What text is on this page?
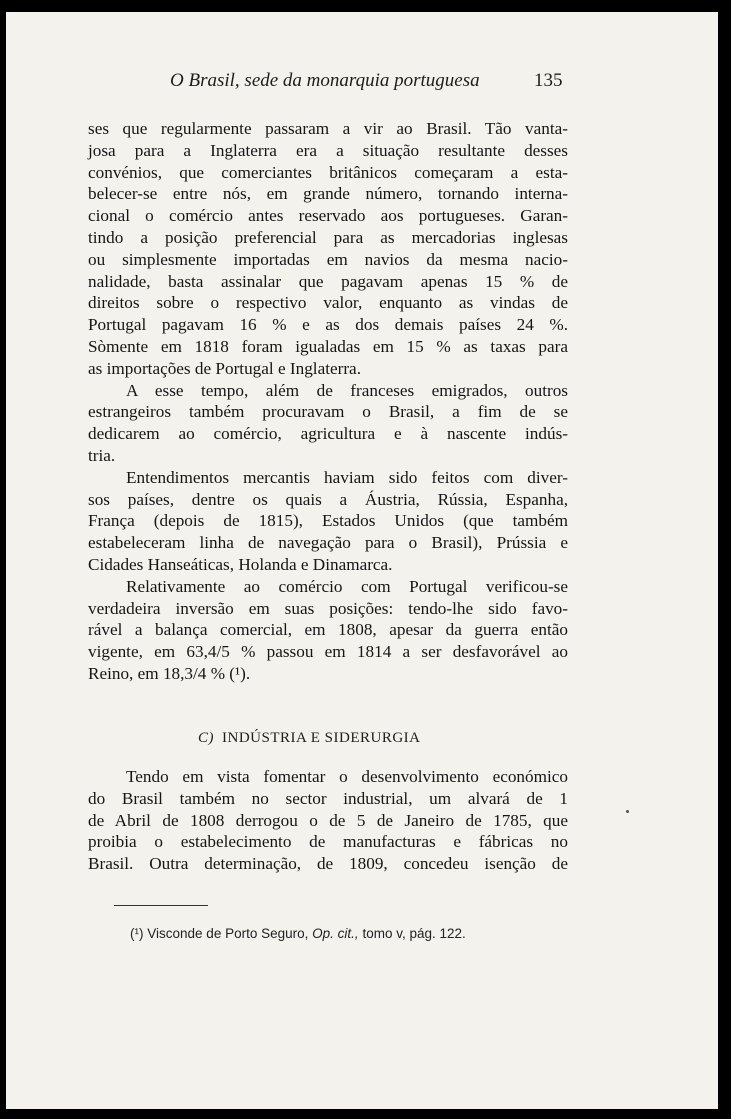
O Brasil, sede da monarquia portuguesa	135
ses que regularmente passaram a vir ao Brasil. Tão vanta-
josa para a Inglaterra era a situação resultante desses
convénios, que comerciantes britânicos começaram a esta-
belecer-se entre nós, em grande número, tornando interna-
cional o comércio antes reservado aos portugueses. Garan-
tindo a posição preferencial para as mercadorias inglesas
ou simplesmente importadas em navios da mesma nacio-
nalidade, basta assinalar que pagavam apenas 15 % de
direitos sobre o respectivo valor, enquanto as vindas de
Portugal pagavam 16 % e as dos demais países 24 %.
Sòmente em 1818 foram igualadas em 15 % as taxas para
as importações de Portugal e Inglaterra.
A esse tempo, além de franceses emigrados, outros
estrangeiros também procuravam o Brasil, a fim de se
dedicarem ao comércio, agricultura e à nascente indús-
tria.
Entendimentos mercantis haviam sido feitos com diver-
sos países, dentre os quais a Áustria, Rússia, Espanha,
França (depois de 1815), Estados Unidos (que também
estabeleceram linha de navegação para o Brasil), Prússia e
Cidades Hanseáticas, Holanda e Dinamarca.
Relativamente ao comércio com Portugal verificou-se
verdadeira inversão em suas posições: tendo-lhe sido favo-
rável a balança comercial, em 1808, apesar da guerra então
vigente, em 63,4/5 % passou em 1814 a ser desfavorável ao
Reino, em 18,3/4 % (¹).
C) INDÚSTRIA E SIDERURGIA
Tendo em vista fomentar o desenvolvimento económico
do Brasil também no sector industrial, um alvará de 1
de Abril de 1808 derrogou o de 5 de Janeiro de 1785, que
proibia o estabelecimento de manufacturas e fábricas no
Brasil. Outra determinação, de 1809, concedeu isenção de
(¹) Visconde de Porto Seguro, Op. cit., tomo v, pág. 122.
